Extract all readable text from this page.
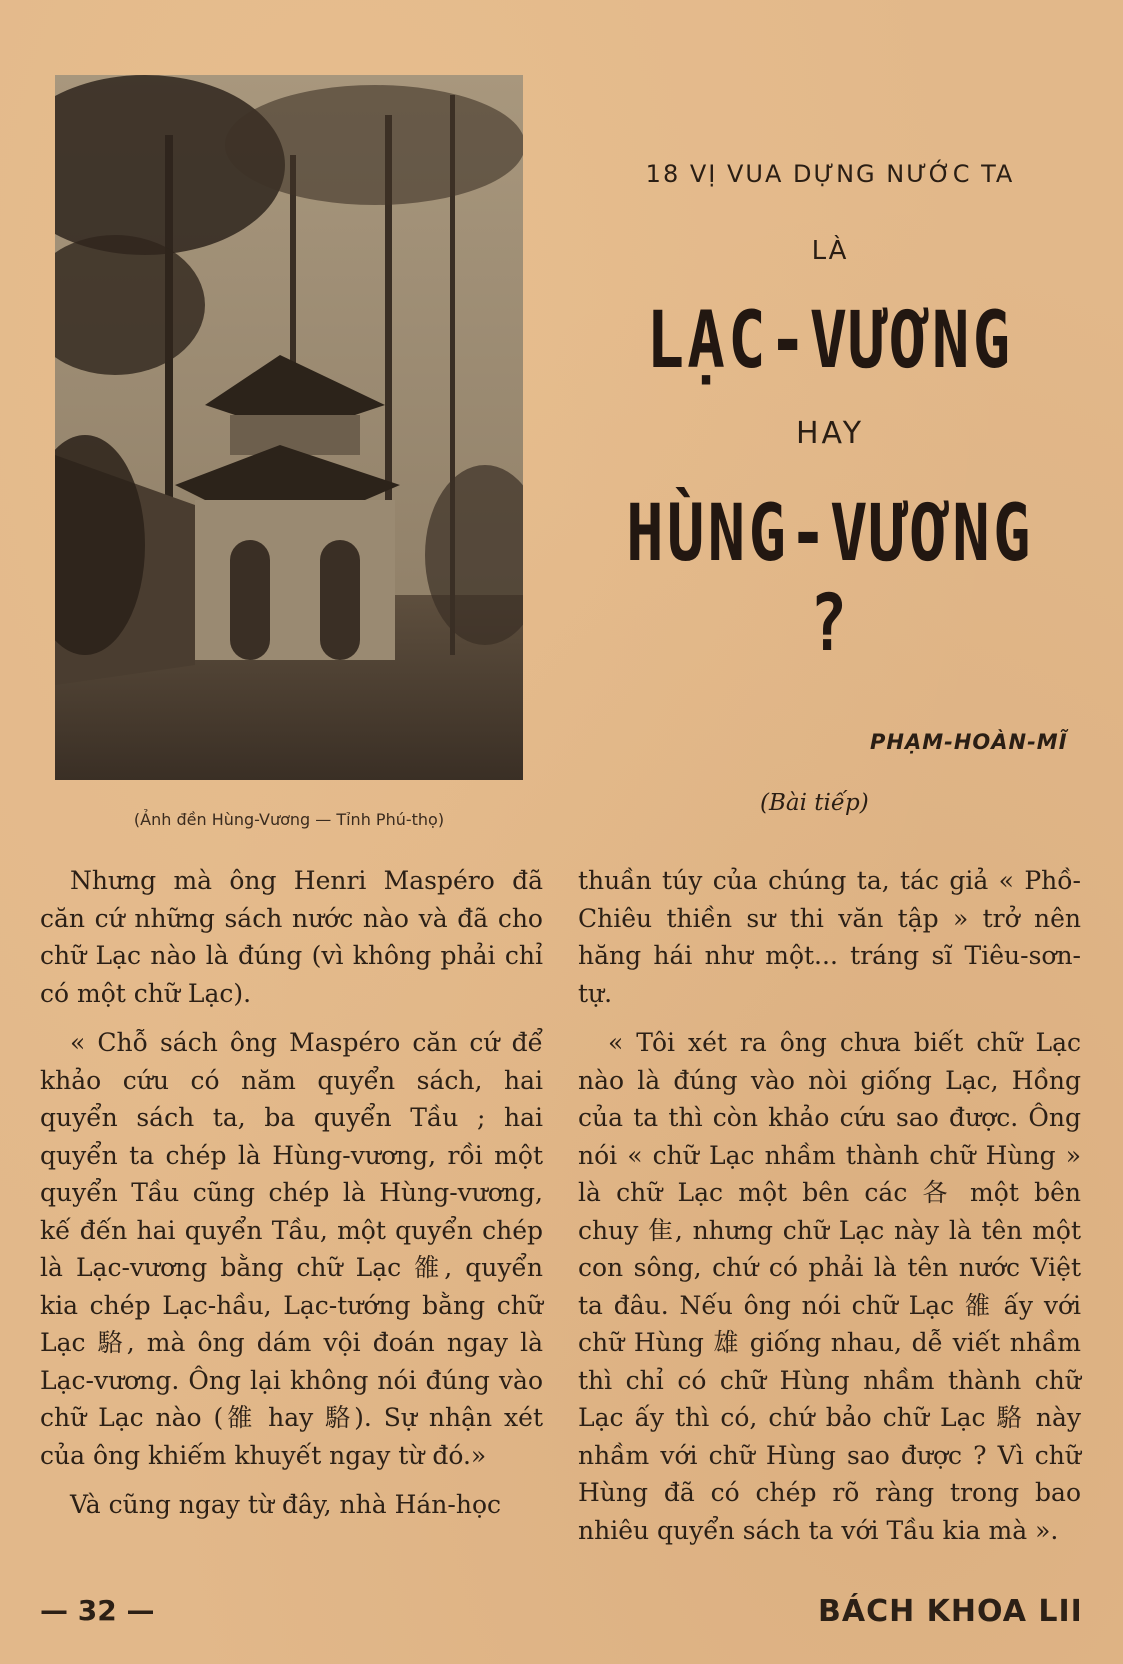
(Ảnh đền Hùng-Vương — Tỉnh Phú-thọ)
18 VỊ VUA DỰNG NƯỚC TA
LÀ
LẠC-VƯƠNG
HAY
HÙNG-VƯƠNG ?
PHẠM-HOÀN-MĨ
(Bài tiếp)

Nhưng mà ông Henri Maspéro đã căn cứ những sách nước nào và đã cho chữ Lạc nào là đúng (vì không phải chỉ có một chữ Lạc).

« Chỗ sách ông Maspéro căn cứ để khảo cứu có năm quyển sách, hai quyển sách ta, ba quyển Tầu ; hai quyển ta chép là Hùng-vương, rồi một quyển Tầu cũng chép là Hùng-vương, kế đến hai quyển Tầu, một quyển chép là Lạc-vương bằng chữ Lạc 雒, quyển kia chép Lạc-hầu, Lạc-tướng bằng chữ Lạc 駱, mà ông dám vội đoán ngay là Lạc-vương. Ông lại không nói đúng vào chữ Lạc nào (雒 hay 駱). Sự nhận xét của ông khiếm khuyết ngay từ đó.»

Và cũng ngay từ đây, nhà Hán-học

thuần túy của chúng ta, tác giả « Phồ-Chiêu thiền sư thi văn tập » trở nên hăng hái như một... tráng sĩ Tiêu-sơn-tự.

« Tôi xét ra ông chưa biết chữ Lạc nào là đúng vào nòi giống Lạc, Hồng của ta thì còn khảo cứu sao được. Ông nói « chữ Lạc nhầm thành chữ Hùng » là chữ Lạc một bên các 各 một bên chuy 隹, nhưng chữ Lạc này là tên một con sông, chứ có phải là tên nước Việt ta đâu. Nếu ông nói chữ Lạc 雒 ấy với chữ Hùng 雄 giống nhau, dễ viết nhầm thì chỉ có chữ Hùng nhầm thành chữ Lạc ấy thì có, chứ bảo chữ Lạc 駱 này nhầm với chữ Hùng sao được ? Vì chữ Hùng đã có chép rõ ràng trong bao nhiêu quyển sách ta với Tầu kia mà ».

— 32 —	BÁCH KHOA LII
